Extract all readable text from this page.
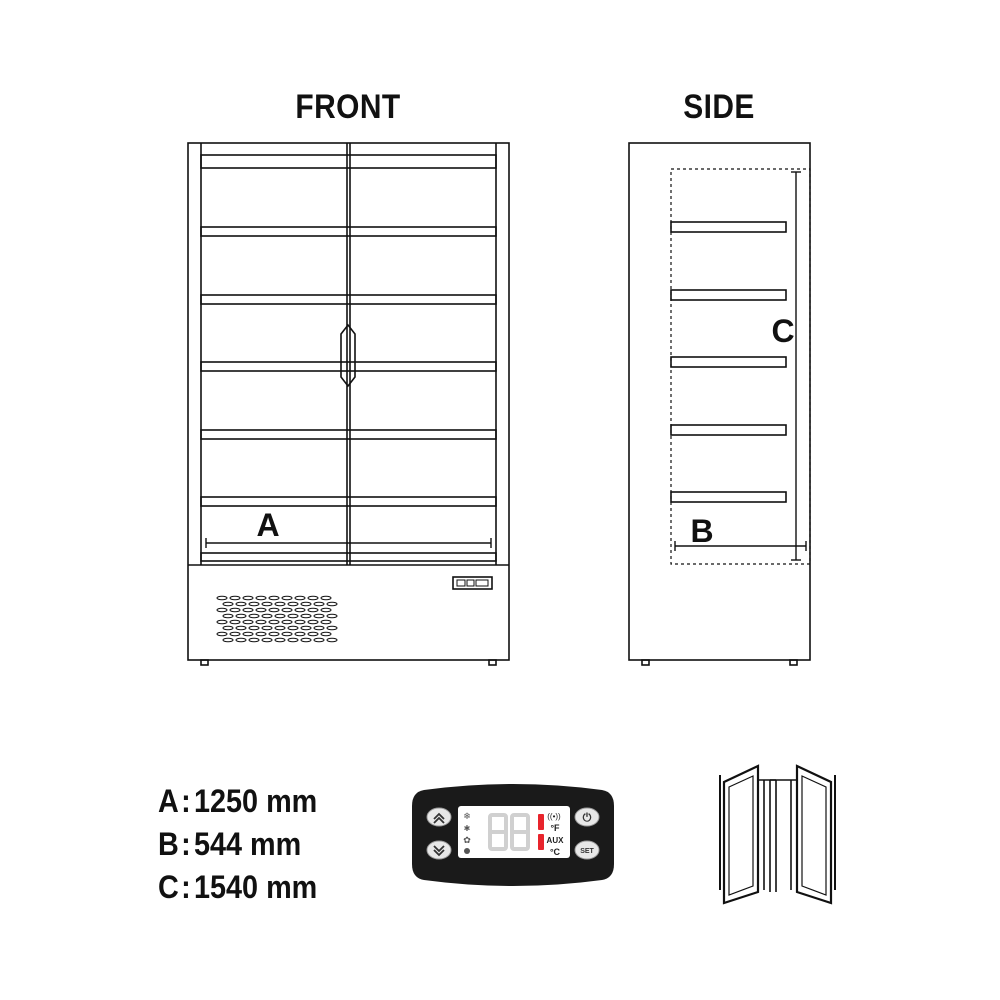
FRONT	SIDE
A
C
B
❄
✱
✿
((•))
°F
AUX
°C
⏻
SET
A: 1250 mm
B: 544 mm
C: 1540 mm
